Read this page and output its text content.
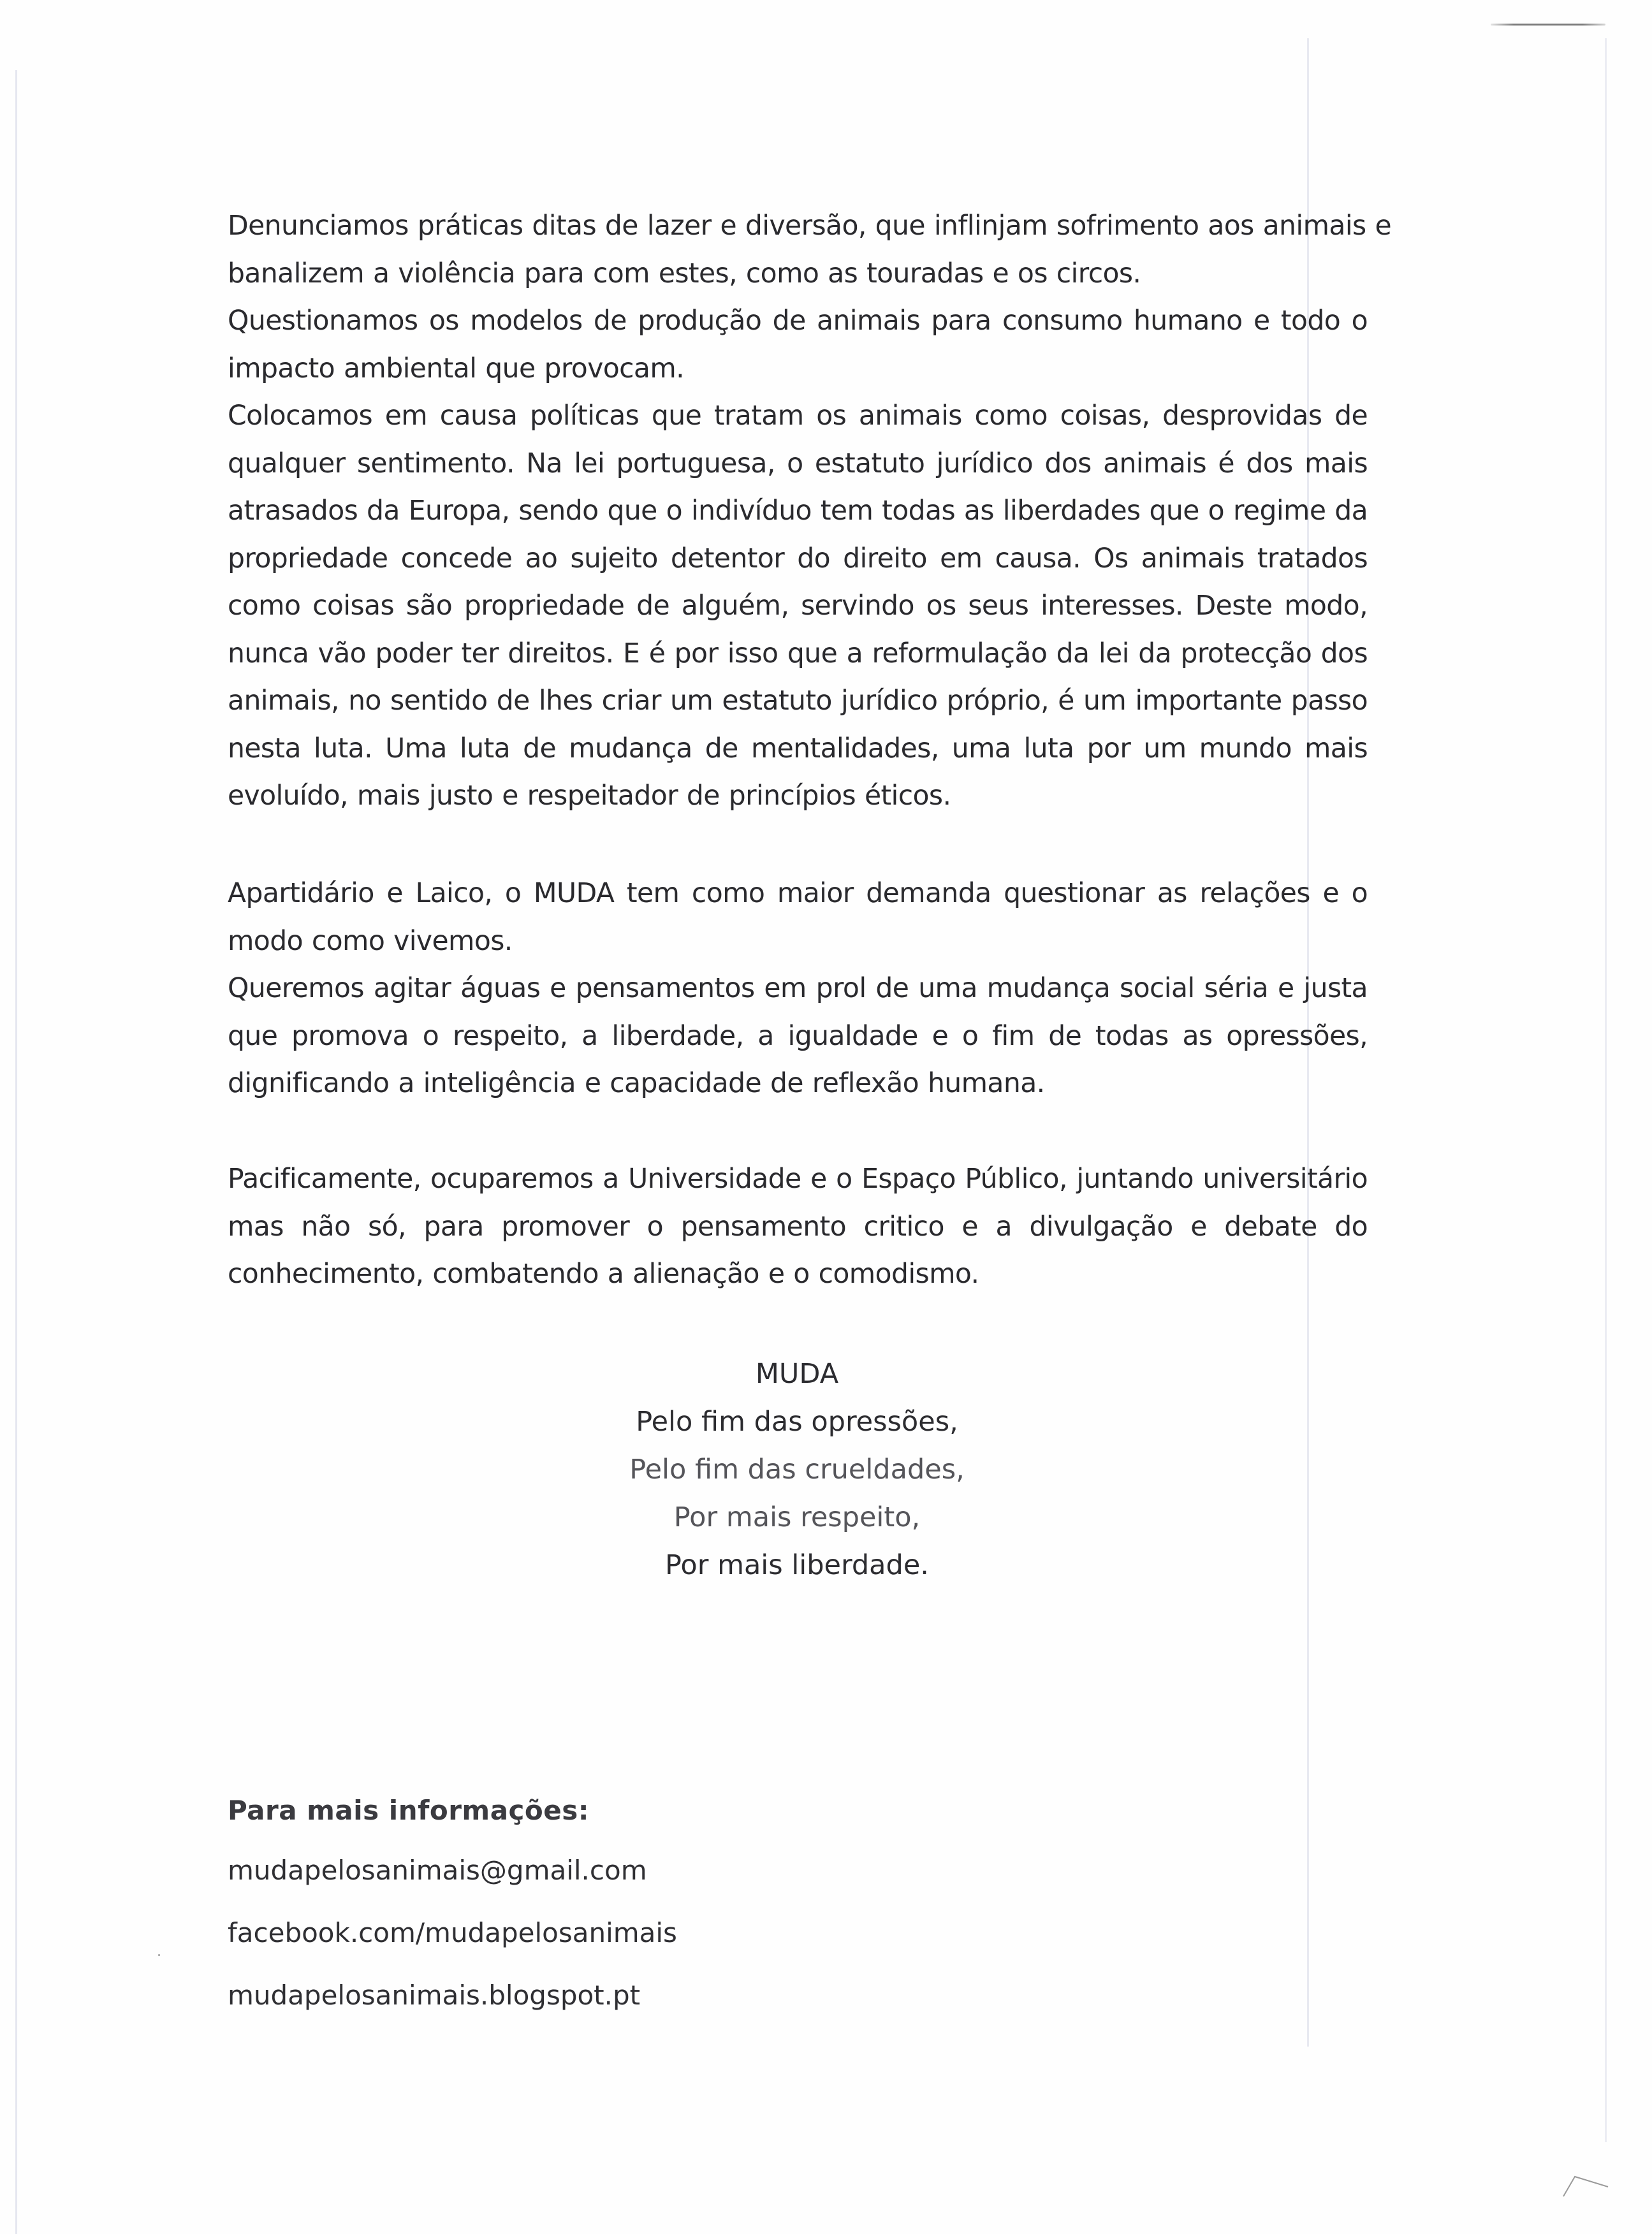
Denunciamos práticas ditas de lazer e diversão, que inflinjam sofrimento aos animais e
banalizem a violência para com estes, como as touradas e os circos.
Questionamos os modelos de produção de animais para consumo humano e todo o
impacto ambiental que provocam.
Colocamos em causa políticas que tratam os animais como coisas, desprovidas de
qualquer sentimento. Na lei portuguesa, o estatuto jurídico dos animais é dos mais
atrasados da Europa, sendo que o indivíduo tem todas as liberdades que o regime da
propriedade concede ao sujeito detentor do direito em causa. Os animais tratados
como coisas são propriedade de alguém, servindo os seus interesses. Deste modo,
nunca vão poder ter direitos. E é por isso que a reformulação da lei da protecção dos
animais, no sentido de lhes criar um estatuto jurídico próprio, é um importante passo
nesta luta. Uma luta de mudança de mentalidades, uma luta por um mundo mais
evoluído, mais justo e respeitador de princípios éticos.
Apartidário e Laico, o MUDA tem como maior demanda questionar as relações e o
modo como vivemos.
Queremos agitar águas e pensamentos em prol de uma mudança social séria e justa
que promova o respeito, a liberdade, a igualdade e o fim de todas as opressões,
dignificando a inteligência e capacidade de reflexão humana.
Pacificamente, ocuparemos a Universidade e o Espaço Público, juntando universitário
mas não só, para promover o pensamento critico e a divulgação e debate do
conhecimento, combatendo a alienação e o comodismo.
MUDA
Pelo fim das opressões,
Pelo fim das crueldades,
Por mais respeito,
Por mais liberdade.
Para mais informações:
mudapelosanimais@gmail.com
facebook.com/mudapelosanimais
mudapelosanimais.blogspot.pt
